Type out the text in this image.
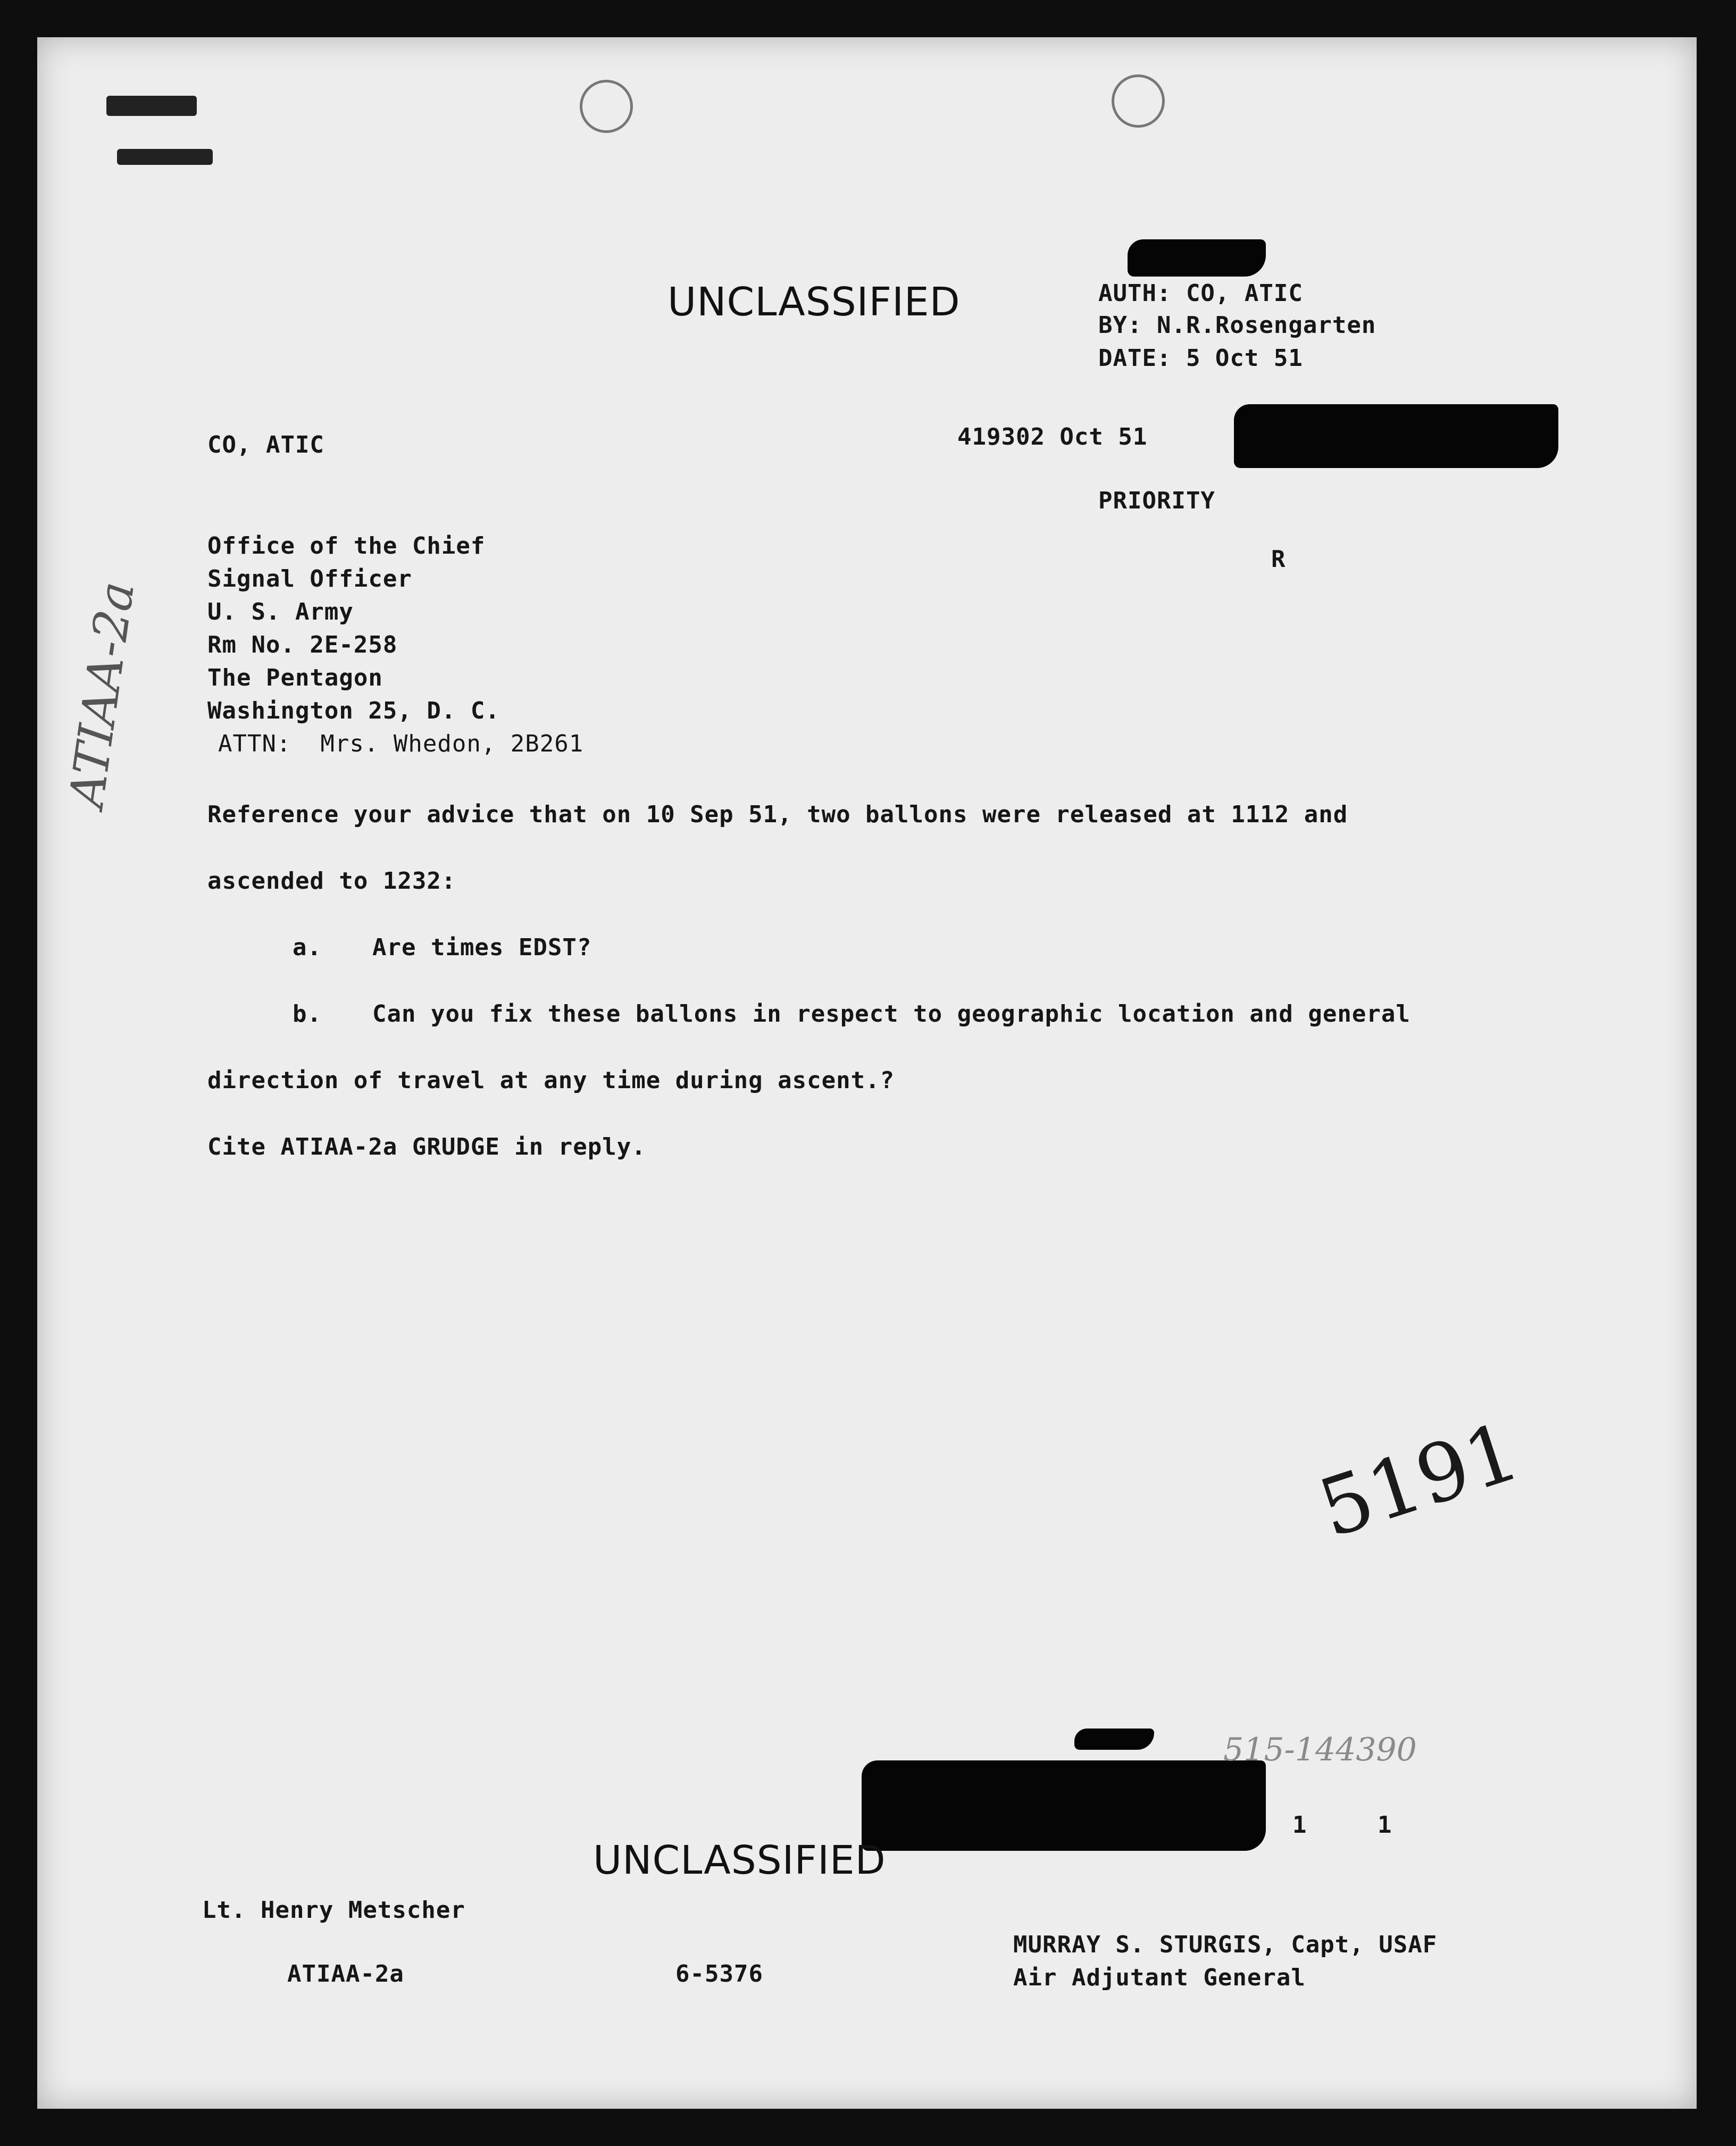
UNCLASSIFIED	AUTH: CO, ATIC
BY: N.R.Rosengarten
DATE: 5 Oct 51
CO, ATIC	419302 Oct 51
PRIORITY
R
Office of the Chief
Signal Officer
U. S. Army
Rm No. 2E-258
The Pentagon
Washington 25, D. C.
ATTN:  Mrs. Whedon, 2B261
ATIAA-2a
Reference your advice that on 10 Sep 51, two ballons were released at 1112 and
ascended to 1232:
a. Are times EDST?
b. Can you fix these ballons in respect to geographic location and general
direction of travel at any time during ascent.?
Cite ATIAA-2a GRUDGE in reply.
5191
515-144390
1	1
UNCLASSIFIED
Lt. Henry Metscher
ATIAA-2a	6-5376
MURRAY S. STURGIS, Capt, USAF
Air Adjutant General
